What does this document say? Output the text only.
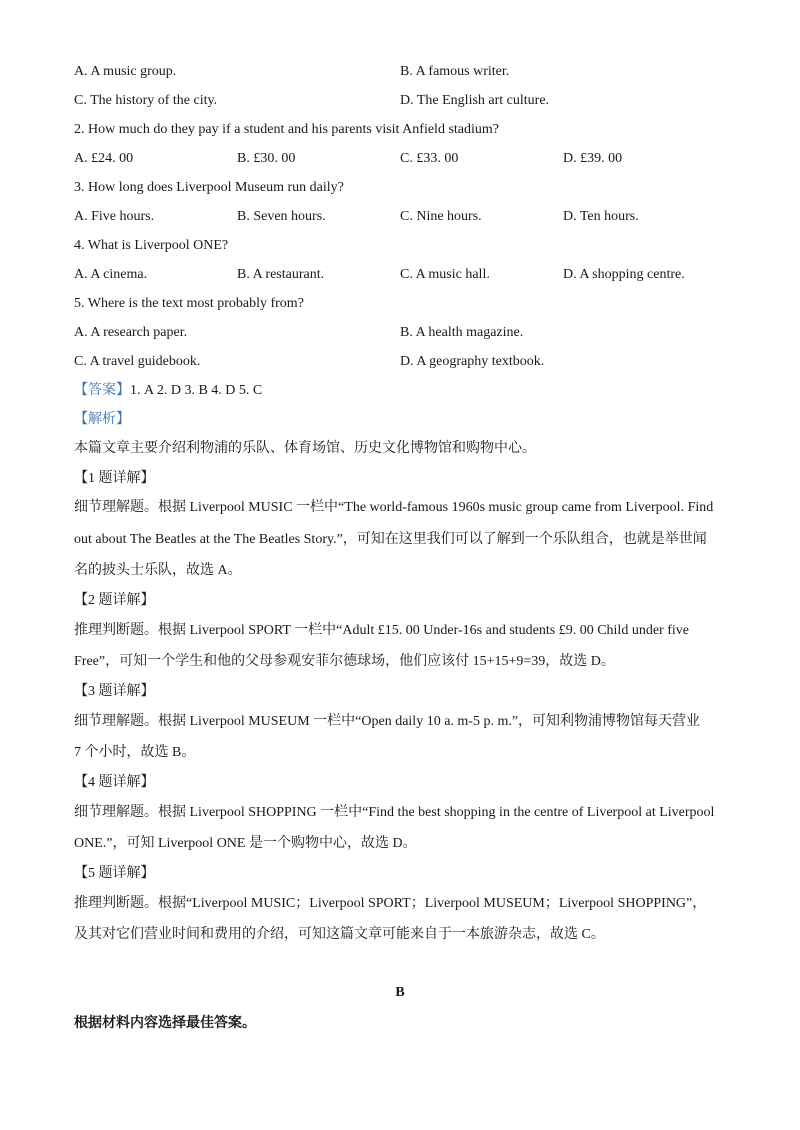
A. A music group.	B. A famous writer.
C. The history of the city.	D. The English art culture.
2. How much do they pay if a student and his parents visit Anfield stadium?
A. £24. 00	B. £30. 00	C. £33. 00	D. £39. 00
3. How long does Liverpool Museum run daily?
A. Five hours.	B. Seven hours.	C. Nine hours.	D. Ten hours.
4. What is Liverpool ONE?
A. A cinema.	B. A restaurant.	C. A music hall.	D. A shopping centre.
5. Where is the text most probably from?
A. A research paper.	B. A health magazine.
C. A travel guidebook.	D. A geography textbook.
【答案】1. A 2. D 3. B 4. D 5. C
【解析】
本篇文章主要介绍利物浦的乐队、体育场馆、历史文化博物馆和购物中心。
【1 题详解】
细节理解题。根据 Liverpool MUSIC 一栏中“The world-famous 1960s music group came from Liverpool. Find
out about The Beatles at the The Beatles Story.”，可知在这里我们可以了解到一个乐队组合，也就是举世闻
名的披头士乐队，故选 A。
【2 题详解】
推理判断题。根据 Liverpool SPORT 一栏中“Adult £15. 00 Under-16s and students £9. 00 Child under five
Free”，可知一个学生和他的父母参观安菲尔德球场，他们应该付 15+15+9=39，故选 D。
【3 题详解】
细节理解题。根据 Liverpool MUSEUM 一栏中“Open daily 10 a. m-5 p. m.”，可知利物浦博物馆每天营业
7 个小时，故选 B。
【4 题详解】
细节理解题。根据 Liverpool SHOPPING 一栏中“Find the best shopping in the centre of Liverpool at Liverpool
ONE.”，可知 Liverpool ONE 是一个购物中心，故选 D。
【5 题详解】
推理判断题。根据“Liverpool MUSIC；Liverpool SPORT；Liverpool MUSEUM；Liverpool SHOPPING”，
及其对它们营业时间和费用的介绍，可知这篇文章可能来自于一本旅游杂志，故选 C。
B
根据材料内容选择最佳答案。
